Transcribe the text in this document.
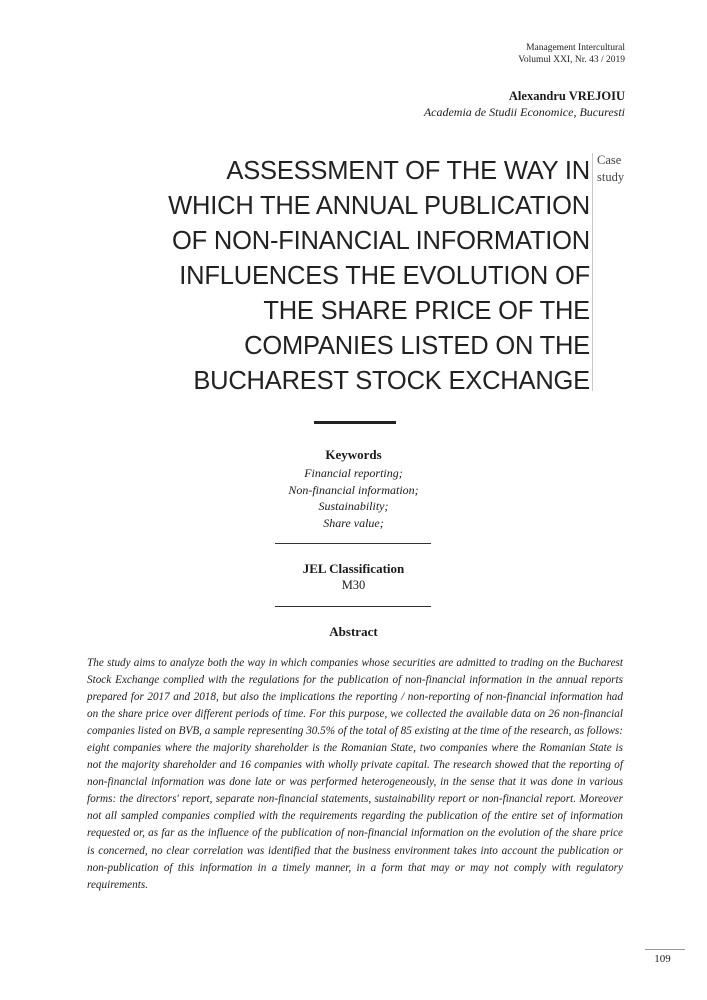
Management Intercultural
Volumul XXI, Nr. 43 / 2019
Alexandru VREJOIU
Academia de Studii Economice, Bucuresti
ASSESSMENT OF THE WAY IN
WHICH THE ANNUAL PUBLICATION
OF NON-FINANCIAL INFORMATION
INFLUENCES THE EVOLUTION OF
THE SHARE PRICE OF THE
COMPANIES LISTED ON THE
BUCHAREST STOCK EXCHANGE
Case
study
Keywords
Financial reporting;
Non-financial information;
Sustainability;
Share value;
JEL Classification
M30
Abstract

The study aims to analyze both the way in which companies whose securities are admitted to trading on the Bucharest Stock Exchange complied with the regulations for the publication of non-financial information in the annual reports prepared for 2017 and 2018, but also the implications the reporting / non-reporting of non-financial information had on the share price over different periods of time. For this purpose, we collected the available data on 26 non-financial companies listed on BVB, a sample representing 30.5% of the total of 85 existing at the time of the research, as follows: eight companies where the majority shareholder is the Romanian State, two companies where the Romanian State is not the majority shareholder and 16 companies with wholly private capital. The research showed that the reporting of non-financial information was done late or was performed heterogeneously, in the sense that it was done in various forms: the directors' report, separate non-financial statements, sustainability report or non-financial report. Moreover not all sampled companies complied with the requirements regarding the publication of the entire set of information requested or, as far as the influence of the publication of non-financial information on the evolution of the share price is concerned, no clear correlation was identified that the business environment takes into account the publication or non-publication of this information in a timely manner, in a form that may or may not comply with regulatory requirements.

109
